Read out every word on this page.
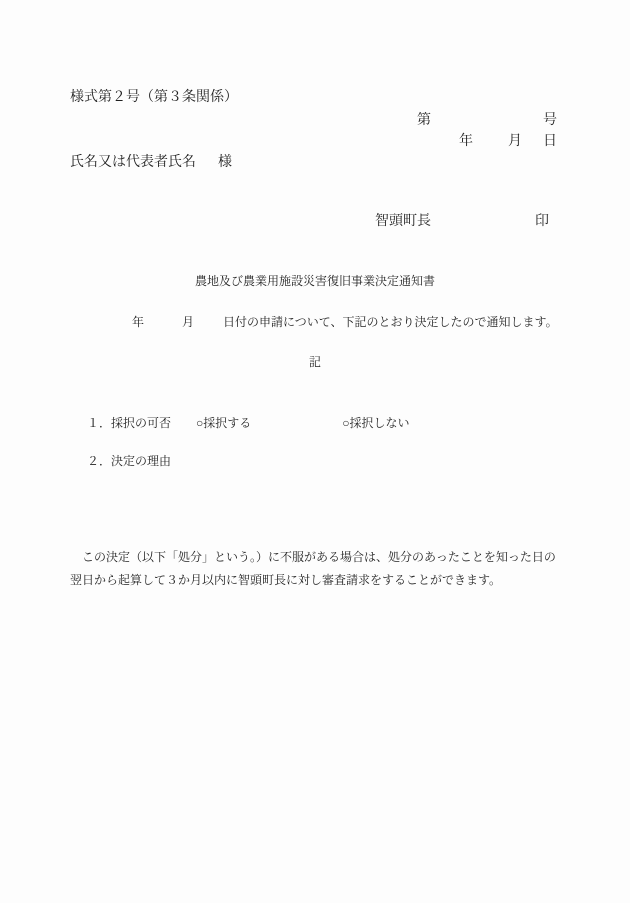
様式第２号（第３条関係）
第	号
年	月 日
氏名又は代表者氏名 様
智頭町長	印
農地及び農業用施設災害復旧事業決定通知書
年	月 日付の申請について、下記のとおり決定したので通知します。
記
１．採択の可否 ○採択する	○採択しない
２．決定の理由
　この決定（以下「処分」という。）に不服がある場合は、処分のあったことを知った日の翌日から起算して３か月以内に智頭町長に対し審査請求をすることができます。
